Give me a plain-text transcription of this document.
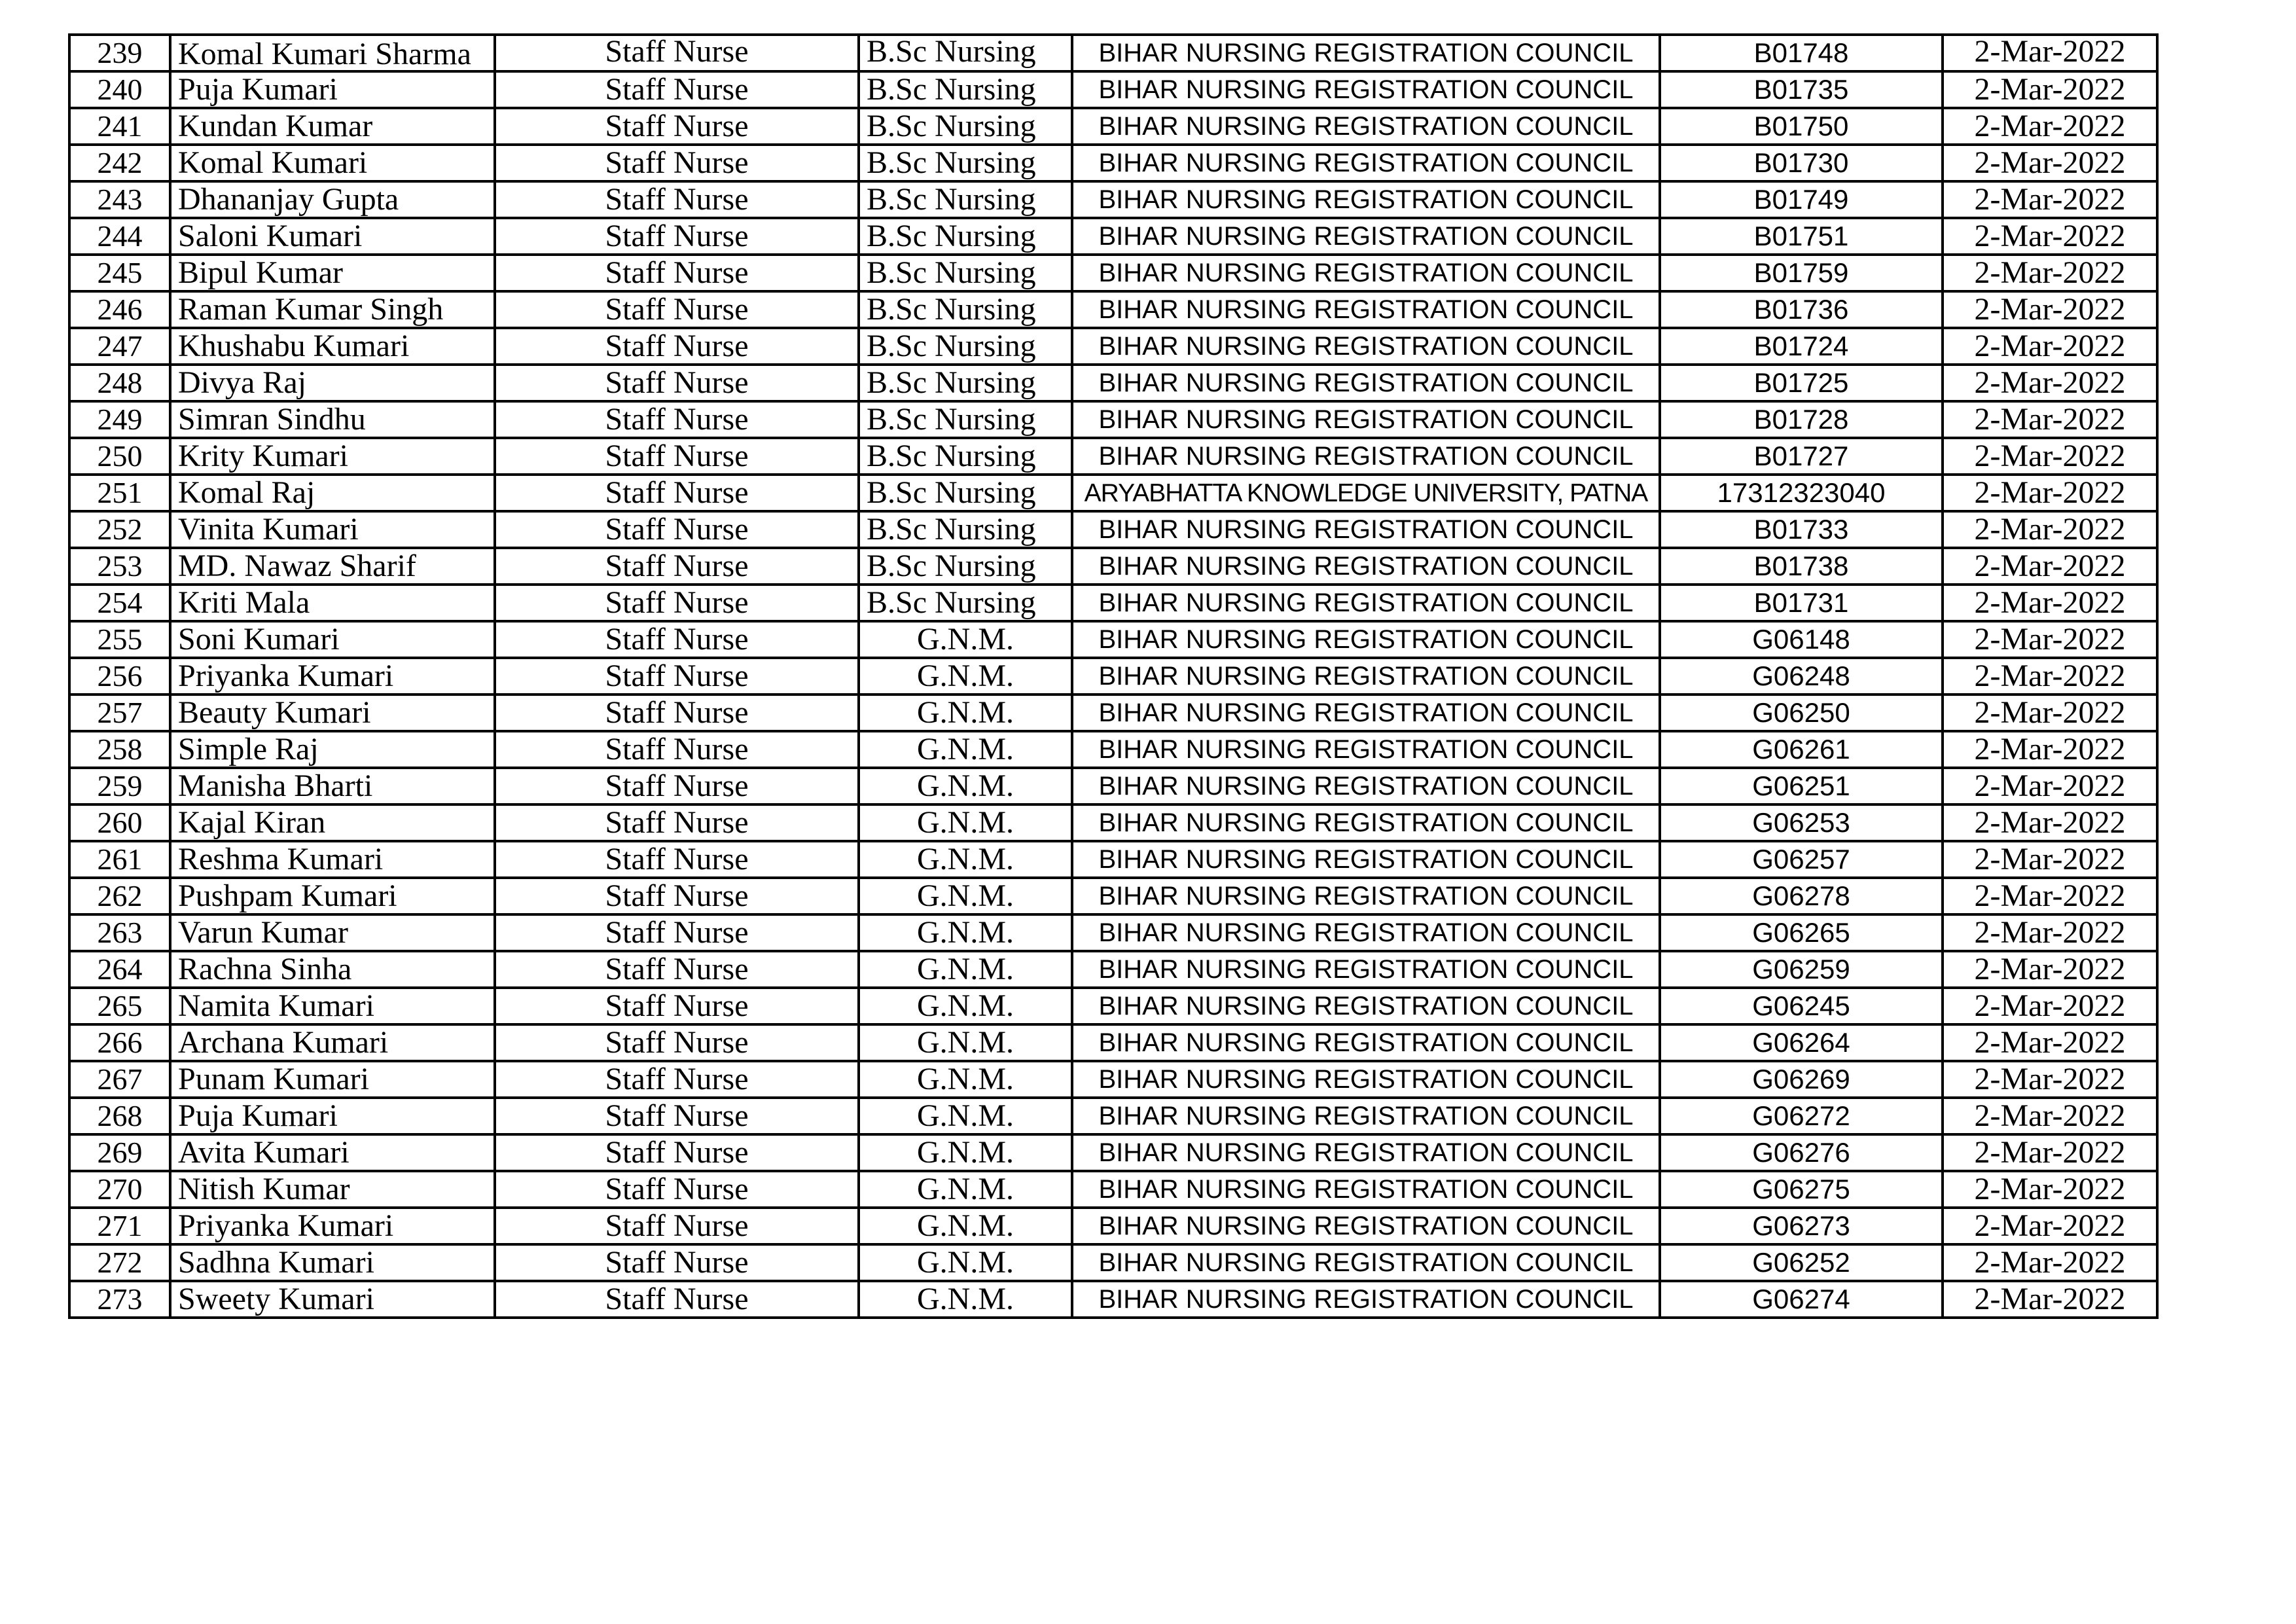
239	Komal Kumari Sharma	Staff Nurse	B.Sc Nursing	BIHAR NURSING REGISTRATION COUNCIL	B01748	2-Mar-2022
240	Puja Kumari	Staff Nurse	B.Sc Nursing	BIHAR NURSING REGISTRATION COUNCIL	B01735	2-Mar-2022
241	Kundan Kumar	Staff Nurse	B.Sc Nursing	BIHAR NURSING REGISTRATION COUNCIL	B01750	2-Mar-2022
242	Komal Kumari	Staff Nurse	B.Sc Nursing	BIHAR NURSING REGISTRATION COUNCIL	B01730	2-Mar-2022
243	Dhananjay Gupta	Staff Nurse	B.Sc Nursing	BIHAR NURSING REGISTRATION COUNCIL	B01749	2-Mar-2022
244	Saloni Kumari	Staff Nurse	B.Sc Nursing	BIHAR NURSING REGISTRATION COUNCIL	B01751	2-Mar-2022
245	Bipul Kumar	Staff Nurse	B.Sc Nursing	BIHAR NURSING REGISTRATION COUNCIL	B01759	2-Mar-2022
246	Raman Kumar Singh	Staff Nurse	B.Sc Nursing	BIHAR NURSING REGISTRATION COUNCIL	B01736	2-Mar-2022
247	Khushabu Kumari	Staff Nurse	B.Sc Nursing	BIHAR NURSING REGISTRATION COUNCIL	B01724	2-Mar-2022
248	Divya Raj	Staff Nurse	B.Sc Nursing	BIHAR NURSING REGISTRATION COUNCIL	B01725	2-Mar-2022
249	Simran Sindhu	Staff Nurse	B.Sc Nursing	BIHAR NURSING REGISTRATION COUNCIL	B01728	2-Mar-2022
250	Krity Kumari	Staff Nurse	B.Sc Nursing	BIHAR NURSING REGISTRATION COUNCIL	B01727	2-Mar-2022
251	Komal Raj	Staff Nurse	B.Sc Nursing	ARYABHATTA KNOWLEDGE UNIVERSITY, PATNA	17312323040	2-Mar-2022
252	Vinita Kumari	Staff Nurse	B.Sc Nursing	BIHAR NURSING REGISTRATION COUNCIL	B01733	2-Mar-2022
253	MD. Nawaz Sharif	Staff Nurse	B.Sc Nursing	BIHAR NURSING REGISTRATION COUNCIL	B01738	2-Mar-2022
254	Kriti Mala	Staff Nurse	B.Sc Nursing	BIHAR NURSING REGISTRATION COUNCIL	B01731	2-Mar-2022
255	Soni Kumari	Staff Nurse	G.N.M.	BIHAR NURSING REGISTRATION COUNCIL	G06148	2-Mar-2022
256	Priyanka Kumari	Staff Nurse	G.N.M.	BIHAR NURSING REGISTRATION COUNCIL	G06248	2-Mar-2022
257	Beauty Kumari	Staff Nurse	G.N.M.	BIHAR NURSING REGISTRATION COUNCIL	G06250	2-Mar-2022
258	Simple Raj	Staff Nurse	G.N.M.	BIHAR NURSING REGISTRATION COUNCIL	G06261	2-Mar-2022
259	Manisha Bharti	Staff Nurse	G.N.M.	BIHAR NURSING REGISTRATION COUNCIL	G06251	2-Mar-2022
260	Kajal Kiran	Staff Nurse	G.N.M.	BIHAR NURSING REGISTRATION COUNCIL	G06253	2-Mar-2022
261	Reshma Kumari	Staff Nurse	G.N.M.	BIHAR NURSING REGISTRATION COUNCIL	G06257	2-Mar-2022
262	Pushpam Kumari	Staff Nurse	G.N.M.	BIHAR NURSING REGISTRATION COUNCIL	G06278	2-Mar-2022
263	Varun Kumar	Staff Nurse	G.N.M.	BIHAR NURSING REGISTRATION COUNCIL	G06265	2-Mar-2022
264	Rachna Sinha	Staff Nurse	G.N.M.	BIHAR NURSING REGISTRATION COUNCIL	G06259	2-Mar-2022
265	Namita Kumari	Staff Nurse	G.N.M.	BIHAR NURSING REGISTRATION COUNCIL	G06245	2-Mar-2022
266	Archana Kumari	Staff Nurse	G.N.M.	BIHAR NURSING REGISTRATION COUNCIL	G06264	2-Mar-2022
267	Punam Kumari	Staff Nurse	G.N.M.	BIHAR NURSING REGISTRATION COUNCIL	G06269	2-Mar-2022
268	Puja Kumari	Staff Nurse	G.N.M.	BIHAR NURSING REGISTRATION COUNCIL	G06272	2-Mar-2022
269	Avita Kumari	Staff Nurse	G.N.M.	BIHAR NURSING REGISTRATION COUNCIL	G06276	2-Mar-2022
270	Nitish Kumar	Staff Nurse	G.N.M.	BIHAR NURSING REGISTRATION COUNCIL	G06275	2-Mar-2022
271	Priyanka Kumari	Staff Nurse	G.N.M.	BIHAR NURSING REGISTRATION COUNCIL	G06273	2-Mar-2022
272	Sadhna Kumari	Staff Nurse	G.N.M.	BIHAR NURSING REGISTRATION COUNCIL	G06252	2-Mar-2022
273	Sweety Kumari	Staff Nurse	G.N.M.	BIHAR NURSING REGISTRATION COUNCIL	G06274	2-Mar-2022
